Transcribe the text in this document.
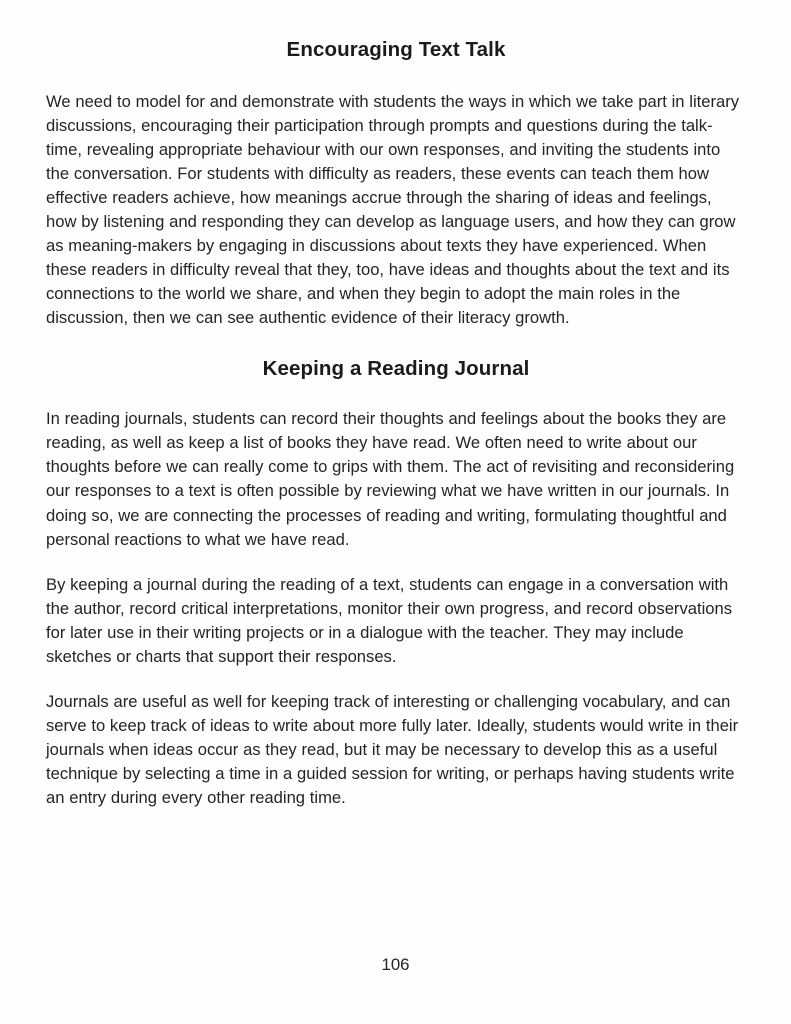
Encouraging Text Talk

We need to model for and demonstrate with students the ways in which we take part in literary discussions, encouraging their participation through prompts and questions during the talk-time, revealing appropriate behaviour with our own responses, and inviting the students into the conversation. For students with difficulty as readers, these events can teach them how effective readers achieve, how meanings accrue through the sharing of ideas and feelings, how by listening and responding they can develop as language users, and how they can grow as meaning-makers by engaging in discussions about texts they have experienced. When these readers in difficulty reveal that they, too, have ideas and thoughts about the text and its connections to the world we share, and when they begin to adopt the main roles in the discussion, then we can see authentic evidence of their literacy growth.

Keeping a Reading Journal

In reading journals, students can record their thoughts and feelings about the books they are reading, as well as keep a list of books they have read. We often need to write about our thoughts before we can really come to grips with them. The act of revisiting and reconsidering our responses to a text is often possible by reviewing what we have written in our journals. In doing so, we are connecting the processes of reading and writing, formulating thoughtful and personal reactions to what we have read.

By keeping a journal during the reading of a text, students can engage in a conversation with the author, record critical interpretations, monitor their own progress, and record observations for later use in their writing projects or in a dialogue with the teacher. They may include sketches or charts that support their responses.

Journals are useful as well for keeping track of interesting or challenging vocabulary, and can serve to keep track of ideas to write about more fully later. Ideally, students would write in their journals when ideas occur as they read, but it may be necessary to develop this as a useful technique by selecting a time in a guided session for writing, or perhaps having students write an entry during every other reading time.

106
